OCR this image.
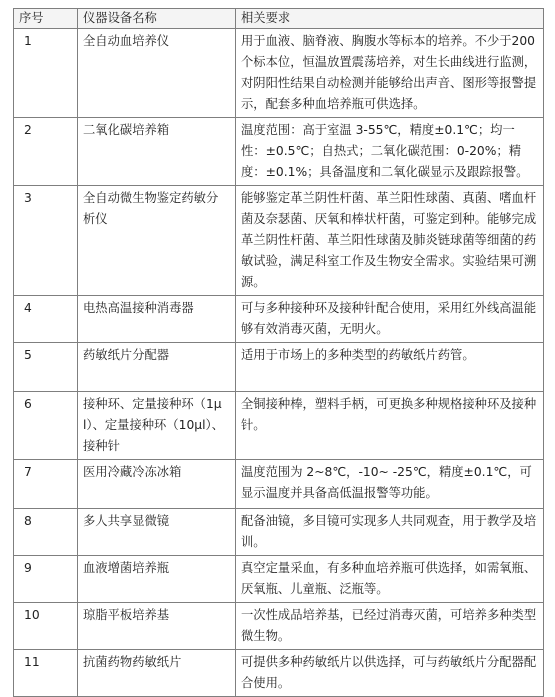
序号	仪器设备名称	相关要求
1	全自动血培养仪	用于血液、脑脊液、胸腹水等标本的培养。不少于200个标本位，恒温放置震荡培养，对生长曲线进行监测，对阴阳性结果自动检测并能够给出声音、图形等报警提示，配套多种血培养瓶可供选择。
2	二氧化碳培养箱	温度范围：高于室温 3-55℃，精度±0.1℃；均一性：±0.5℃；自热式；二氧化碳范围：0-20%；精度：±0.1%；具备温度和二氧化碳显示及跟踪报警。
3	全自动微生物鉴定药敏分析仪	能够鉴定革兰阴性杆菌、革兰阳性球菌、真菌、嗜血杆菌及奈瑟菌、厌氧和棒状杆菌，可鉴定到种。能够完成革兰阴性杆菌、革兰阳性球菌及肺炎链球菌等细菌的药敏试验，满足科室工作及生物安全需求。实验结果可溯源。
4	电热高温接种消毒器	可与多种接种环及接种针配合使用，采用红外线高温能够有效消毒灭菌，无明火。
5	药敏纸片分配器	适用于市场上的多种类型的药敏纸片药管。
6	接种环、定量接种环（1μl）、定量接种环（10μl）、接种针	全铜接种棒，塑料手柄，可更换多种规格接种环及接种针。
7	医用冷藏冷冻冰箱	温度范围为 2~8℃，-10~ -25℃，精度±0.1℃，可显示温度并具备高低温报警等功能。
8	多人共享显微镜	配备油镜，多目镜可实现多人共同观查，用于教学及培训。
9	血液增菌培养瓶	真空定量采血，有多种血培养瓶可供选择，如需氧瓶、厌氧瓶、儿童瓶、泛瓶等。
10	琼脂平板培养基	一次性成品培养基，已经过消毒灭菌，可培养多种类型微生物。
11	抗菌药物药敏纸片	可提供多种药敏纸片以供选择，可与药敏纸片分配器配合使用。
